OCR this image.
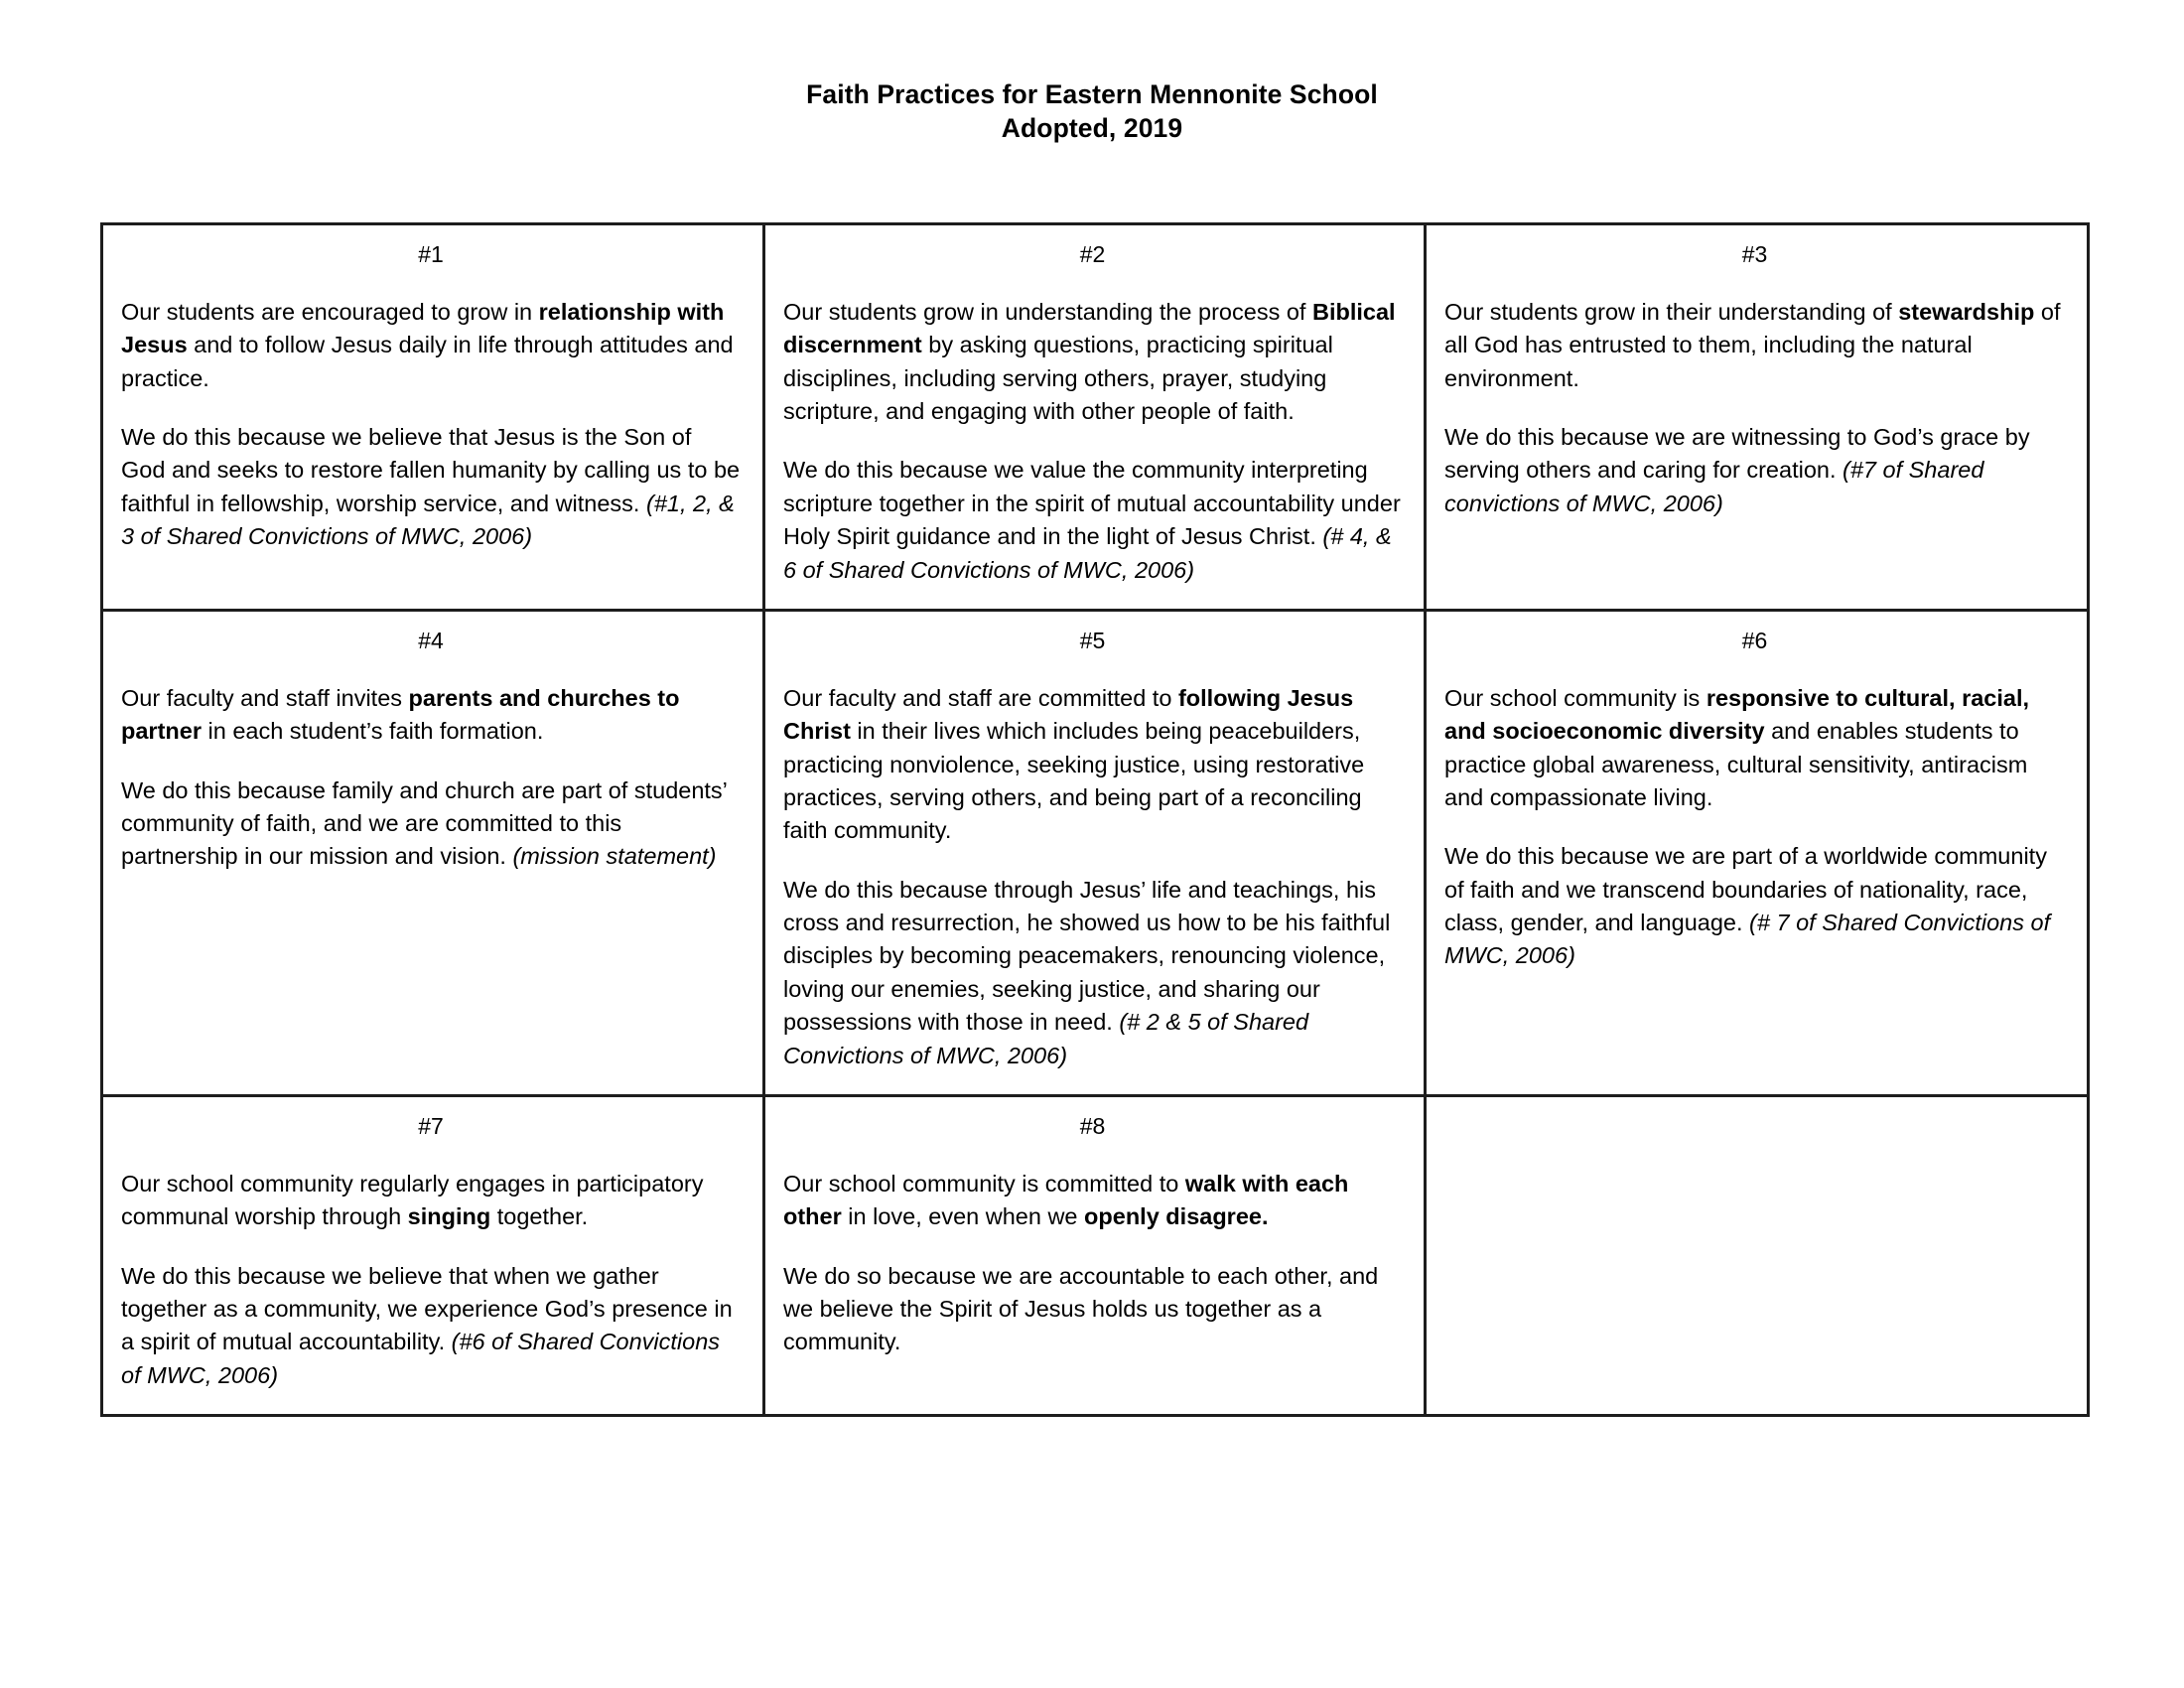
Faith Practices for Eastern Mennonite School
Adopted, 2019
#1

Our students are encouraged to grow in relationship with Jesus and to follow Jesus daily in life through attitudes and practice.

We do this because we believe that Jesus is the Son of God and seeks to restore fallen humanity by calling us to be faithful in fellowship, worship service, and witness. (#1, 2, & 3 of Shared Convictions of MWC, 2006)

#2

Our students grow in understanding the process of Biblical discernment by asking questions, practicing spiritual disciplines, including serving others, prayer, studying scripture, and engaging with other people of faith.

We do this because we value the community interpreting scripture together in the spirit of mutual accountability under Holy Spirit guidance and in the light of Jesus Christ. (# 4, & 6 of Shared Convictions of MWC, 2006)

#3

Our students grow in their understanding of stewardship of all God has entrusted to them, including the natural environment.

We do this because we are witnessing to God’s grace by serving others and caring for creation. (#7 of Shared convictions of MWC, 2006)

#4

Our faculty and staff invites parents and churches to partner in each student’s faith formation.

We do this because family and church are part of students’ community of faith, and we are committed to this partnership in our mission and vision. (mission statement)

#5

Our faculty and staff are committed to following Jesus Christ in their lives which includes being peacebuilders, practicing nonviolence, seeking justice, using restorative practices, serving others, and being part of a reconciling faith community.

We do this because through Jesus’ life and teachings, his cross and resurrection, he showed us how to be his faithful disciples by becoming peacemakers, renouncing violence, loving our enemies, seeking justice, and sharing our possessions with those in need. (# 2 & 5 of Shared Convictions of MWC, 2006)

#6

Our school community is responsive to cultural, racial, and socioeconomic diversity and enables students to practice global awareness, cultural sensitivity, antiracism and compassionate living.

We do this because we are part of a worldwide community of faith and we transcend boundaries of nationality, race, class, gender, and language. (# 7 of Shared Convictions of MWC, 2006)

#7

Our school community regularly engages in participatory communal worship through singing together.

We do this because we believe that when we gather together as a community, we experience God’s presence in a spirit of mutual accountability. (#6 of Shared Convictions of MWC, 2006)

#8

Our school community is committed to walk with each other in love, even when we openly disagree.

We do so because we are accountable to each other, and we believe the Spirit of Jesus holds us together as a community.
